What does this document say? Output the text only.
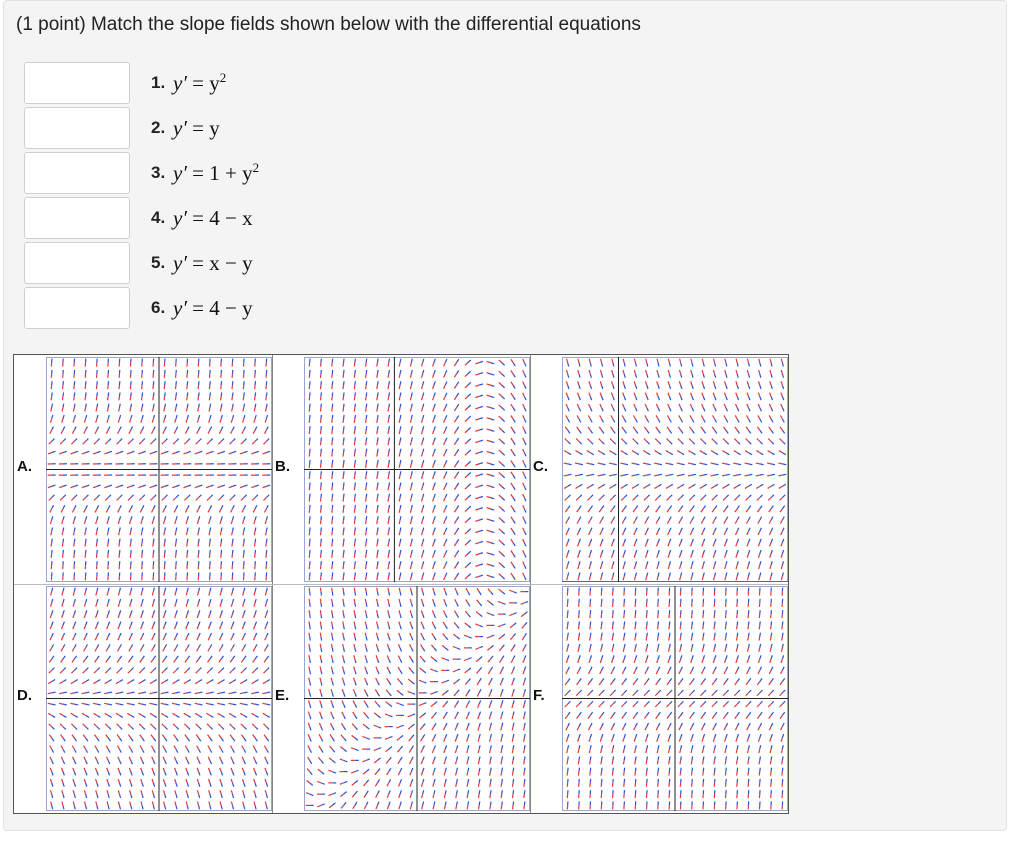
(1 point) Match the slope fields shown below with the differential equations
1. $y' = y^2$
2. y′ = y
3. $y' = 1 + y^2$
4. y′ = 4 − x
5. y′ = x − y
6. y′ = 4 − y
A.	B.	C.
D.	E.	F.
